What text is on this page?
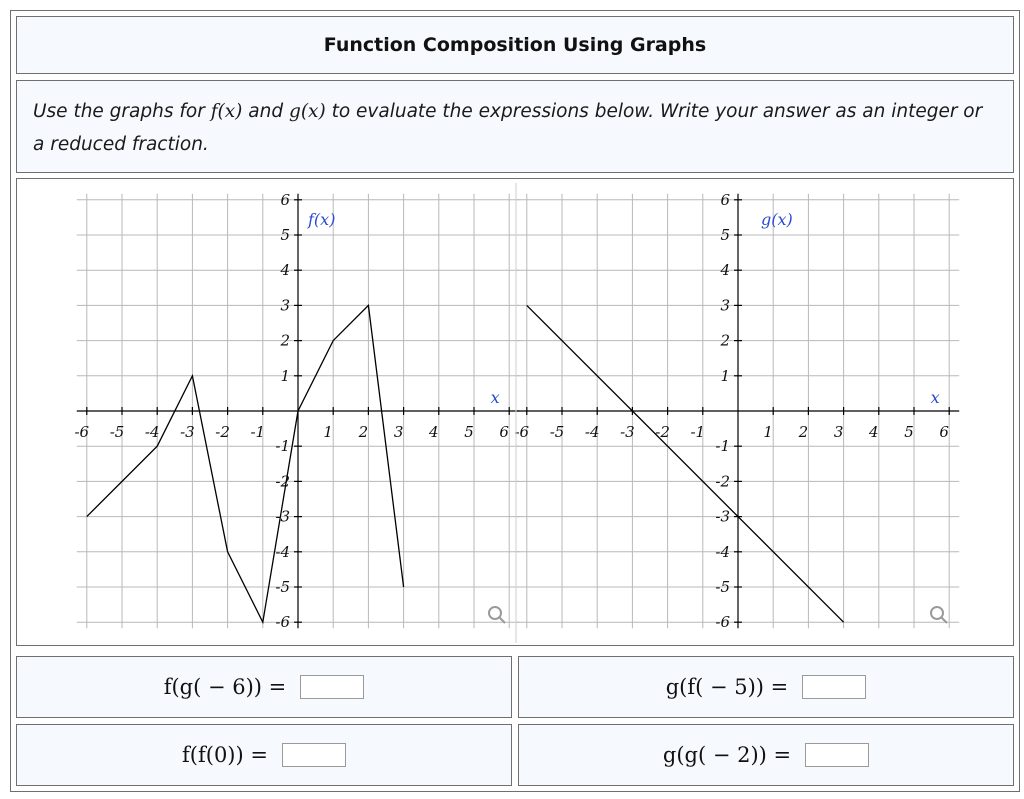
Function Composition Using Graphs

Use the graphs for f(x) and g(x) to evaluate the expressions below. Write your answer as an integer or a reduced fraction.

-6 -5 -4 -3 -2 -1	1 2 3 4 5 6
-6
-5
-4
-3
-2
-1
1
2
3
4
5
6
f(x)
x
-6 -5 -4 -3 -2 -1	1 2 3 4 5 6
-6
-5
-4
-3
-2
-1
1
2
3
4
5
6
g(x)
x
f(g( − 6)) =	g(f( − 5)) =
f(f(0)) =	g(g( − 2)) =
